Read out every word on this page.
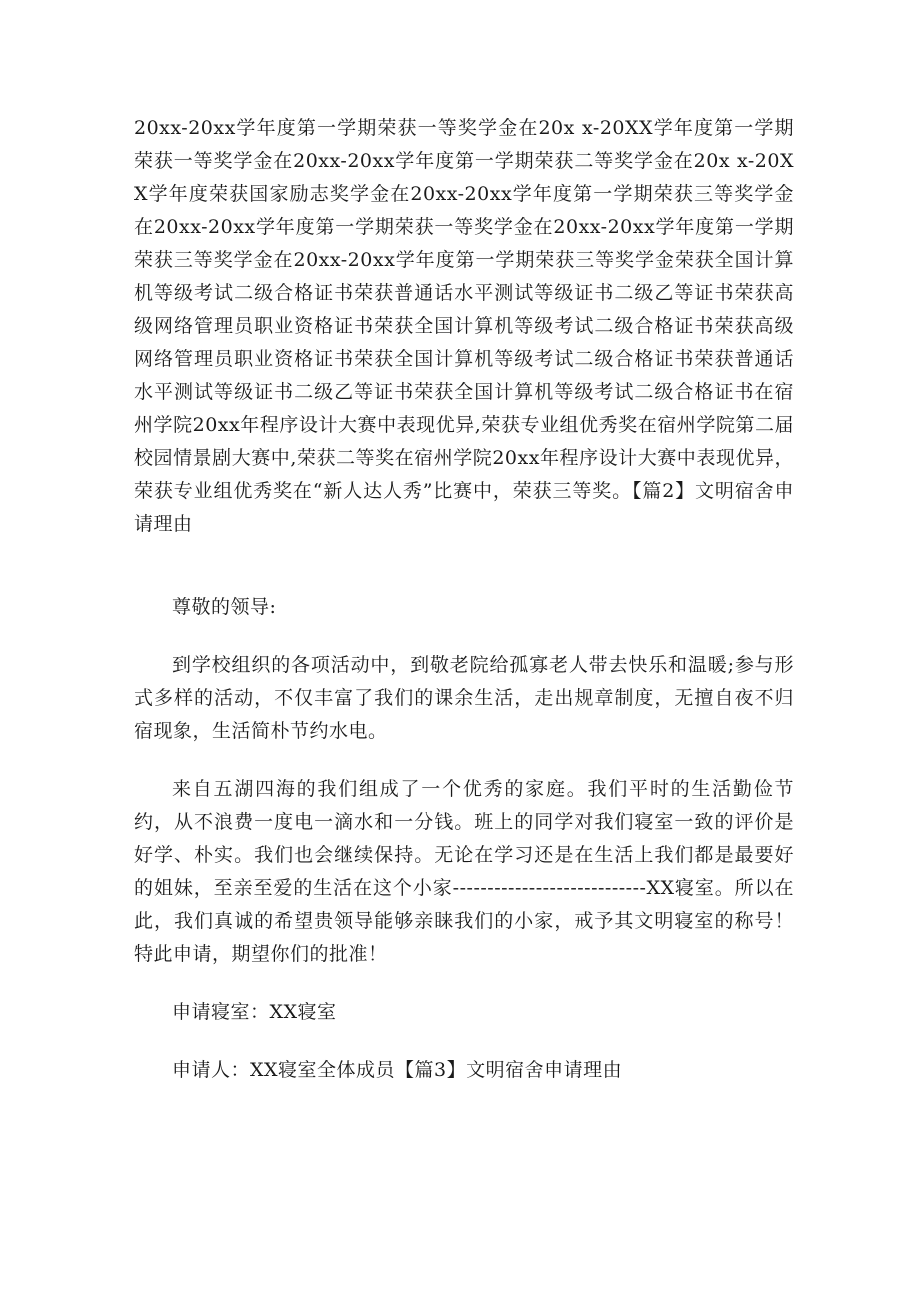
20xx-20xx学年度第一学期荣获一等奖学金在20x x-20XX学年度第一学期荣获一等奖学金在20xx-20xx学年度第一学期荣获二等奖学金在20x x-20XX学年度荣获国家励志奖学金在20xx-20xx学年度第一学期荣获三等奖学金在20xx-20xx学年度第一学期荣获一等奖学金在20xx-20xx学年度第一学期荣获三等奖学金在20xx-20xx学年度第一学期荣获三等奖学金荣获全国计算机等级考试二级合格证书荣获普通话水平测试等级证书二级乙等证书荣获高级网络管理员职业资格证书荣获全国计算机等级考试二级合格证书荣获高级网络管理员职业资格证书荣获全国计算机等级考试二级合格证书荣获普通话水平测试等级证书二级乙等证书荣获全国计算机等级考试二级合格证书在宿州学院20xx年程序设计大赛中表现优异,荣获专业组优秀奖在宿州学院第二届校园情景剧大赛中,荣获二等奖在宿州学院20xx年程序设计大赛中表现优异，荣获专业组优秀奖在“新人达人秀”比赛中，荣获三等奖。【篇2】文明宿舍申请理由

尊敬的领导:

到学校组织的各项活动中，到敬老院给孤寡老人带去快乐和温暖;参与形式多样的活动，不仅丰富了我们的课余生活，走出规章制度，无擅自夜不归宿现象，生活简朴节约水电。

来自五湖四海的我们组成了一个优秀的家庭。我们平时的生活勤俭节约，从不浪费一度电一滴水和一分钱。班上的同学对我们寝室一致的评价是好学、朴实。我们也会继续保持。无论在学习还是在生活上我们都是最要好的姐妹，至亲至爱的生活在这个小家----------------------------XX寝室。所以在此，我们真诚的希望贵领导能够亲睐我们的小家，戒予其文明寝室的称号！特此申请，期望你们的批准！

申请寝室：XX寝室

申请人：XX寝室全体成员【篇3】文明宿舍申请理由
